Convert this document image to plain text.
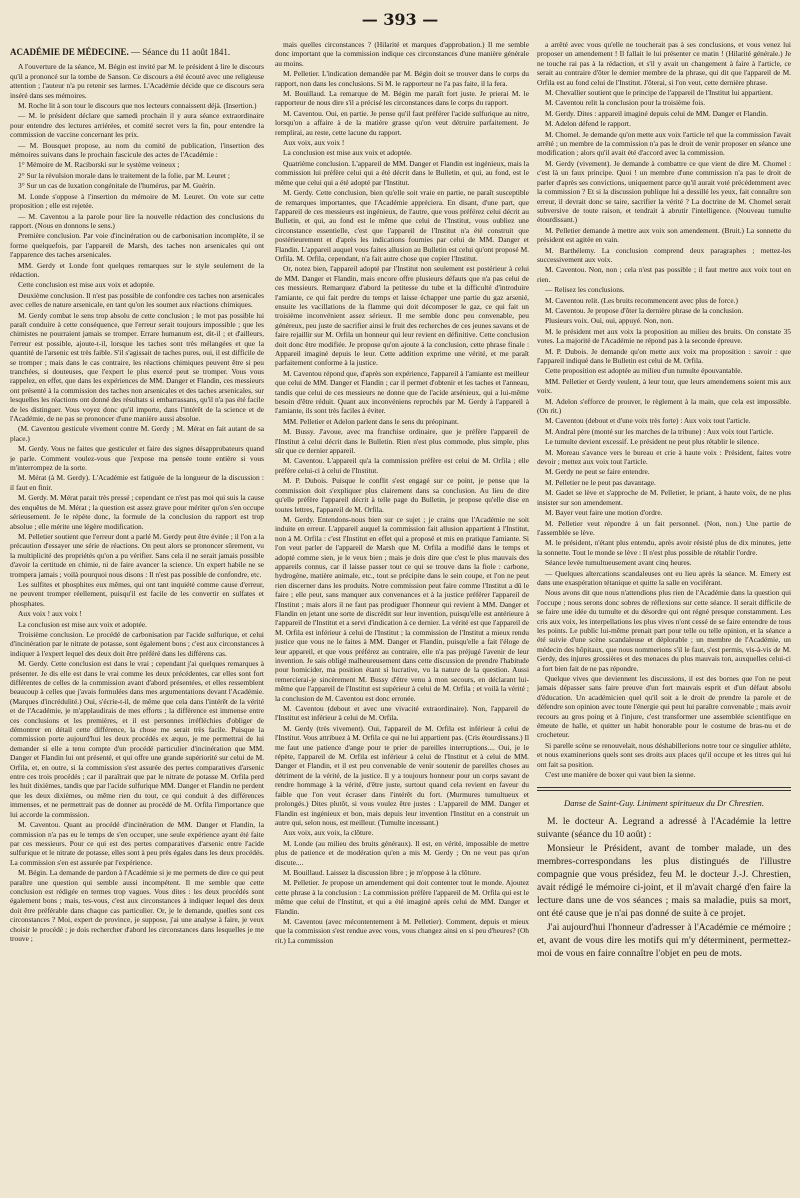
— 393 —
ACADÉMIE DE MÉDECINE. — Séance du 11 août 1841.

A l'ouverture de la séance, M. Bégin est invité par M. le président à lire le discours qu'il a prononcé sur la tombe de Sanson. Ce discours a été écouté avec une religieuse attention ; l'auteur n'a pu retenir ses larmes. L'Académie décide que ce discours sera inséré dans ses mémoires.

M. Roche lit à son tour le discours que nos lecteurs connaissent déjà. (Insertion.)

— M. le président déclare que samedi prochain il y aura séance extraordinaire pour entendre des lectures arriérées, et comité secret vers la fin, pour entendre la commission de vaccine concernant les prix.

— M. Bousquet propose, au nom du comité de publication, l'insertion des mémoires suivans dans le prochain fascicule des actes de l'Académie :

1° Mémoire de M. Raciborski sur le système veineux ;

2° Sur la révulsion morale dans le traitement de la folie, par M. Leuret ;

3° Sur un cas de luxation congénitale de l'humérus, par M. Guérin.

M. Londe s'oppose à l'insertion du mémoire de M. Leuret. On vote sur cette proposition ; elle est rejetée.

— M. Caventou a la parole pour lire la nouvelle rédaction des conclusions du rapport. (Nous en donnons le sens.)

Première conclusion. Par voie d'incinération ou de carbonisation incomplète, il se forme quelquefois, par l'appareil de Marsh, des taches non arsenicales qui ont l'apparence des taches arsenicales.

MM. Gerdy et Londe font quelques remarques sur le style seulement de la rédaction.

Cette conclusion est mise aux voix et adoptée.

Deuxième conclusion. Il n'est pas possible de confondre ces taches non arsenicales avec celles de nature arsenicale, en tant qu'on les soumet aux réactions chimiques.

M. Gerdy combat le sens trop absolu de cette conclusion ; le mot pas possible lui paraît conduire à cette conséquence, que l'erreur serait toujours impossible ; que les chimistes ne pourraient jamais se tromper. Errare humanum est, dit-il ; et d'ailleurs, l'erreur est possible, ajoute-t-il, lorsque les taches sont très mélangées et que la quantité de l'arsenic est très faible. S'il s'agissait de taches pures, oui, il est difficile de se tromper ; mais dans le cas contraire, les réactions chimiques peuvent être si peu tranchées, si douteuses, que l'expert le plus exercé peut se tromper. Vous vous rappelez, en effet, que dans les expériences de MM. Danger et Flandin, ces messieurs ont présenté à la commission des taches non arsenicales et des taches arsenicales, sur lesquelles les réactions ont donné des résultats si embarrassans, qu'il n'a pas été facile de les distinguer. Vous voyez donc qu'il importe, dans l'intérêt de la science et de l'Académie, de ne pas se prononcer d'une manière aussi absolue.

(M. Caventou gesticule vivement contre M. Gerdy ; M. Mérat en fait autant de sa place.)

M. Gerdy. Vous ne faites que gesticuler et faire des signes désapprobateurs quand je parle. Comment voulez-vous que j'expose ma pensée toute entière si vous m'interrompez de la sorte.

M. Mérat (à M. Gerdy). L'Académie est fatiguée de la longueur de la discussion : il faut en finir.

M. Gerdy. M. Mérat parait très pressé ; cependant ce n'est pas moi qui suis la cause des enquêtes de M. Mérat ; la question est assez grave pour mériter qu'on s'en occupe sérieusement. Je le répète donc, la formule de la conclusion du rapport est trop absolue ; elle mérite une légère modification.

M. Pelletier soutient que l'erreur dont a parlé M. Gerdy peut être évitée ; il l'on a la précaution d'essayer une série de réactions. On peut alors se prononcer sûrement, vu la multiplicité des propriétés qu'on a pu vérifier. Sans cela il ne serait jamais possible d'avoir la certitude en chimie, ni de faire avancer la science. Un expert habile ne se trompera jamais ; voilà pourquoi nous disons : Il n'est pas possible de confondre, etc.

Les sulfites et phosphites eux mêmes, qui ont tant inquiété comme cause d'erreur, ne peuvent tromper réellement, puisqu'il est facile de les convertir en sulfates et phosphates.

Aux voix ! aux voix !

La conclusion est mise aux voix et adoptée.

Troisième conclusion. Le procédé de carbonisation par l'acide sulfurique, et celui d'incinération par le nitrate de potasse, sont également bons ; c'est aux circonstances à indiquer à l'expert lequel des deux doit être préféré dans les différens cas.

M. Gerdy. Cette conclusion est dans le vrai ; cependant j'ai quelques remarques à présenter. Je dis elle est dans le vrai comme les deux précédentes, car elles sont fort différentes de celles de la commission avant d'abord présentées, et elles ressemblent beaucoup à celles que j'avais formulées dans mes argumentations devant l'Académie. (Marques d'incrédulité.) Oui, s'écrie-t-il, de même que cela dans l'intérêt de la vérité et de l'Académie, je m'applaudirais de mes efforts ; la différence est immense entre ces conclusions et les premières, et il est personnes irréfléchies d'obliger de démontrer en détail cette différence, la chose me serait très facile. Puisque la commission porte aujourd'hui les deux procédés ex æquo, je me permettrai de lui demander si elle a tenu compte d'un procédé particulier d'incinération que MM. Danger et Flandin lui ont présenté, et qui offre une grande supériorité sur celui de M. Orfila, et, en outre, si la commission s'est assurée des pertes comparatives d'arsenic entre ces trois procédés ; car il paraîtrait que par le nitrate de potasse M. Orfila perd les huit dixièmes, tandis que par l'acide sulfurique MM. Danger et Flandin ne perdent que les deux dixièmes, ou même rien du tout, ce qui conduit à des différences immenses, et ne permettrait pas de donner au procédé de M. Orfila l'importance que lui accorde la commission.

M. Caventou. Quant au procédé d'incinération de MM. Danger et Flandin, la commission n'a pas eu le temps de s'en occuper, une seule expérience ayant été faite par ces messieurs. Pour ce qui est des pertes comparatives d'arsenic entre l'acide sulfurique et le nitrate de potasse, elles sont à peu près égales dans les deux procédés. La commission s'en est assurée par l'expérience.

M. Bégin. La demande de pardon à l'Académie si je me permets de dire ce qui peut paraître une question qui semble aussi incompétent. Il me semble que cette conclusion est rédigée en termes trop vagues. Vous dites : les deux procédés sont également bons ; mais, tes-vous, c'est aux circonstances à indiquer lequel des deux doit être préférable dans chaque cas particulier. Or, je le demande, quelles sont ces circonstances ? Moi, expert de province, je suppose, j'ai une analyse à faire, je veux choisir le procédé ; je dois rechercher d'abord les circonstances dans lesquelles je me trouve ;

mais quelles circonstances ? (Hilarité et marques d'approbation.) Il me semble donc important que la commission indique ces circonstances d'une manière générale au moins.

M. Pelletier. L'indication demandée par M. Bégin doit se trouver dans le corps du rapport, non dans les conclusions. Si M. le rapporteur ne l'a pas faite, il la fera.

M. Bouillaud. La remarque de M. Bégin me paraît fort juste. Je prierai M. le rapporteur de nous dire s'il a précisé les circonstances dans le corps du rapport.

M. Caventou. Oui, en partie. Je pense qu'il faut préférer l'acide sulfurique au nitre, lorsqu'on a affaire à de la matière grasse qu'on veut détruire parfaitement. Je remplirai, au reste, cette lacune du rapport.

Aux voix, aux voix !

La conclusion est mise aux voix et adoptée.

Quatrième conclusion. L'appareil de MM. Danger et Flandin est ingénieux, mais la commission lui préfère celui qui a été décrit dans le Bulletin, et qui, au fond, est le même que celui qui a été adopté par l'Institut.

M. Gerdy. Cette conclusion, bien qu'elle soit vraie en partie, ne paraît susceptible de remarques importantes, que l'Académie appréciera. En disant, d'une part, que l'appareil de ces messieurs est ingénieux, de l'autre, que vous préférez celui décrit au Bulletin, et qui, au fond est le même que celui de l'Institut, vous oubliez une circonstance essentielle, c'est que l'appareil de l'Institut n'a été construit que postérieurement et d'après les indications fournies par celui de MM. Danger et Flandin. L'appareil auquel vous faites allusion au Bulletin est celui qu'ont proposé M. Orfila. M. Orfila, cependant, n'a fait autre chose que copier l'Institut.

Or, notez bien, l'appareil adopté par l'Institut non seulement est postérieur à celui de MM. Danger et Flandin, mais encore offre plusieurs défauts que n'a pas celui de ces messieurs. Remarquez d'abord la petitesse du tube et la difficulté d'introduire l'amiante, ce qui fait perdre du temps et laisse échapper une partie du gaz arsenié, ensuite les vacillations de la flamme qui doit décomposer le gaz, ce qui fait un troisième inconvénient assez sérieux. Il me semble donc peu convenable, peu généreux, peu juste de sacrifier ainsi le fruit des recherches de ces jeunes savans et de faire rejaillir sur M. Orfila un honneur qui leur revient en définitive. Cette conclusion doit donc être modifiée. Je propose qu'on ajoute à la conclusion, cette phrase finale : Appareil imaginé depuis le leur. Cette addition exprime une vérité, et me paraît parfaitement conforme à la justice.

M. Caventou répond que, d'après son expérience, l'appareil à l'amiante est meilleur que celui de MM. Danger et Flandin ; car il permet d'obtenir et les taches et l'anneau, tandis que celui de ces messieurs ne donne que de l'acide arsénieux, qui a lui-même besoin d'être réduit. Quant aux inconvéniens reprochés par M. Gerdy à l'appareil à l'amiante, ils sont très faciles à éviter.

MM. Pelletier et Adelon parlent dans le sens du préopinant.

M. Bussy. J'avoue, avec ma franchise ordinaire, que je préfère l'appareil de l'Institut à celui décrit dans le Bulletin. Rien n'est plus commode, plus simple, plus sûr que ce dernier appareil.

M. Caventou. L'appareil qu'a la commission préfère est celui de M. Orfila ; elle préfère celui-ci à celui de l'Institut.

M. P. Dubois. Puisque le conflit s'est engagé sur ce point, je pense que la commission doit s'expliquer plus clairement dans sa conclusion. Au lieu de dire qu'elle préfère l'appareil décrit à telle page du Bulletin, je propose qu'elle dise en toutes lettres, l'appareil de M. Orfila.

M. Gerdy. Entendons-nous bien sur ce sujet ; je crains que l'Académie ne soit induite en erreur. L'appareil auquel la commission fait allusion appartient à l'Institut, non à M. Orfila : c'est l'Institut en effet qui a proposé et mis en pratique l'amiante. Si l'on veut parler de l'appareil de Marsh que M. Orfila a modifié dans le temps et adopté comme sien, je le veux bien ; mais je dois dire que c'est le plus mauvais des appareils connus, car il laisse passer tout ce qui se trouve dans la fiole : carbone, hydrogène, matière animale, etc., tout se précipite dans le sein coupe, et l'on ne peut rien discerner dans les produits. Notre commission peut faire comme l'Institut a dû le faire ; elle peut, sans manquer aux convenances et à la justice préférer l'appareil de l'Institut ; mais alors il ne faut pas prodiguer l'honneur qui revient à MM. Danger et Flandin en jetant une sorte de discrédit sur leur invention, puisqu'elle est antérieure à l'appareil de l'Institut et a servi d'indication à ce dernier. La vérité est que l'appareil de M. Orfila est inférieur à celui de l'Institut ; la commission de l'Institut a mieux rendu justice que vous ne le faites à MM. Danger et Flandin, puisqu'elle a fait l'éloge de leur appareil, et que vous préférez au contraire, elle n'a pas préjugé l'avenir de leur invention. Je sais obligé malheureusement dans cette discussion de prendre l'habitude pour homicider, ma position étant si lucrative, vu la nature de la question. Aussi remercierai-je sincèrement M. Bussy d'être venu à mon secours, en déclarant lui-même que l'appareil de l'Institut est supérieur à celui de M. Orfila ; et voilà la vérité ; la conclusion de M. Caventou est donc erronée.

M. Caventou (debout et avec une vivacité extraordinaire). Non, l'appareil de l'Institut est inférieur à celui de M. Orfila.

M. Gerdy (très vivement). Oui, l'appareil de M. Orfila est inférieur à celui de l'Institut. Vous attribuez à M. Orfila ce qui ne lui appartient pas. (Cris étourdissans.) Il me faut une patience d'ange pour te prier de pareilles interruptions.... Oui, je le répète, l'appareil de M. Orfila est inférieur à celui de l'Institut et à celui de MM. Danger et Flandin, et il est peu convenable de venir soutenir de pareilles choses au détriment de la vérité, de la justice. Il y a toujours honneur pour un corps savant de rendre hommage à la vérité, d'être juste, surtout quand cela revient en faveur du faible que l'on veut écraser dans l'intérêt du fort. (Murmures tumultueux et prolongés.) Dites plutôt, si vous voulez être justes : L'appareil de MM. Danger et Flandin est ingénieux et bon, mais depuis leur invention l'Institut en a construit un autre qui, selon nous, est meilleur. (Tumulte incessant.)

Aux voix, aux voix, la clôture.

M. Londe (au milieu des bruits généraux). Il est, en vérité, impossible de mettre plus de patience et de modération qu'en a mis M. Gerdy ; On ne veut pas qu'on discute....

M. Bouillaud. Laissez la discussion libre ; je m'oppose à la clôture.

M. Pelletier. Je propose un amendement qui doit contenter tout le monde. Ajoutez cette phrase à la conclusion : La commission préfère l'appareil de M. Orfila qui est le même que celui de l'Institut, et qui a été imaginé après celui de MM. Danger et Flandin.

M. Caventou (avec mécontentement à M. Pelletier). Comment, depuis et mieux que la commission s'est rendue avec vous, vous changez ainsi en si peu d'heures? (Oh rit.) La commission

a arrêté avec vous qu'elle ne toucherait pas à ses conclusions, et vous venez lui proposer un amendement ! Il fallait le lui présenter ce matin ! (Hilarité générale.) Je ne touche rai pas à la rédaction, et s'il y avait un changement à faire à l'article, ce serait au contraire d'ôter le dernier membre de la phrase, qui dit que l'appareil de M. Orfila est au fond celui de l'Institut. J'ôterai, si l'on veut, cette dernière phrase.

M. Chevallier soutient que le principe de l'appareil de l'Institut lui appartient.

M. Caventou relit la conclusion pour la troisième fois.

M. Gerdy. Dites : appareil imaginé depuis celui de MM. Danger et Flandin.

M. Adelon défend le rapport.

M. Chomel. Je demande qu'on mette aux voix l'article tel que la commission l'avait arrêté ; un membre de la commission n'a pas le droit de venir proposer en séance une modification ; alors qu'il avait été d'accord avec la commission.

M. Gerdy (vivement). Je demande à combattre ce que vient de dire M. Chomel : c'est là un faux principe. Quoi ! un membre d'une commission n'a pas le droit de parler d'après ses convictions, uniquement parce qu'il aurait voté précédemment avec la commission ? Et si la discussion publique lui a dessillé les yeux, fait connaître son erreur, il devrait donc se taire, sacrifier la vérité ? La doctrine de M. Chomel serait subversive de toute raison, et tendrait à abrutir l'intelligence. (Nouveau tumulte étourdissant.)

M. Pelletier demande à mettre aux voix son amendement. (Bruit.) La sonnette du président est agitée en vain.

M. Barthélemy. La conclusion comprend deux paragraphes ; mettez-les successivement aux voix.

M. Caventou. Non, non ; cela n'est pas possible ; il faut mettre aux voix tout en rien.

— Relisez les conclusions.

M. Caventou relit. (Les bruits recommencent avec plus de force.)

M. Caventou. Je propose d'ôter la dernière phrase de la conclusion.

Plusieurs voix. Oui, oui, appuyé. Non, non.

M. le président met aux voix la proposition au milieu des bruits. On constate 35 votes. La majorité de l'Académie ne répond pas à la seconde épreuve.

M. P. Dubois. Je demande qu'on mette aux voix ma proposition : savoir : que l'appareil indiqué dans le Bulletin est celui de M. Orfila.

Cette proposition est adoptée au milieu d'un tumulte épouvantable.

MM. Pelletier et Gerdy veulent, à leur tour, que leurs amendemens soient mis aux voix.

M. Adelon s'efforce de prouver, le règlement à la main, que cela est impossible. (On rit.)

M. Caventou (debout et d'une voix très forte) : Aux voix tout l'article.

M. Andral père (monté sur les marches de la tribune) : Aux voix tout l'article.

Le tumulte devient excessif. Le président ne peut plus rétablir le silence.

M. Moreau s'avance vers le bureau et crie à haute voix : Président, faites votre devoir ; mettez aux voix tout l'article.

M. Gerdy ne peut se faire entendre.

M. Pelletier ne le peut pas davantage.

M. Gadet se lève et s'approche de M. Pelletier, le priant, à haute voix, de ne plus insister sur son amendement.

M. Bayer veut faire une motion d'ordre.

M. Pelletier veut répondre à un fait personnel. (Non, non.) Une partie de l'assemblée se lève.

M. le président, n'étant plus entendu, après avoir résisté plus de dix minutes, jette la sonnette. Tout le monde se lève : Il n'est plus possible de rétablir l'ordre.

Séance levée tumultueusement avant cinq heures.

— Quelques altercations scandaleuses ont eu lieu après la séance. M. Emery est dans une exaspération tétanique et quitte la salle en vociférant.

Nous avons dit que nous n'attendions plus rien de l'Académie dans la question qui l'occupe ; nous serons donc sobres de réflexions sur cette séance. Il serait difficile de se faire une idée du tumulte et du désordre qui ont régné presque constamment. Les cris aux voix, les interpellations les plus vives n'ont cessé de se faire entendre de tous les points. Le public lui-même prenait part pour telle ou telle opinion, et la séance a été suivie d'une scène scandaleuse et déplorable ; un membre de l'Académie, un médecin des hôpitaux, que nous nommerions s'il le faut, s'est permis, vis-à-vis de M. Gerdy, des injures grossières et des menaces du plus mauvais ton, auxquelles celui-ci a fort bien fait de ne pas répondre.

Quelque vives que deviennent les discussions, il est des bornes que l'on ne peut jamais dépasser sans faire preuve d'un fort mauvais esprit et d'un défaut absolu d'éducation. Un académicien quel qu'il soit a le droit de prendre la parole et de défendre son opinion avec toute l'énergie qui peut lui paraître convenable ; mais avoir recours au gros poing et à l'injure, c'est transformer une assemblée scientifique en émeute de halle, et quitter un habit honorable pour le costume de bras-nu et de crocheteur.

Si parelle scène se renouvelait, nous déshabillerions notre tour ce singulier athlète, et nous examinerions quels sont ses droits aux places qu'il occupe et les titres qui lui ont fait sa position.

C'est une manière de boxer qui vaut bien la sienne.

Danse de Saint-Guy. Liniment spiritueux du Dr Chrestien.

M. le docteur A. Legrand a adressé à l'Académie la lettre suivante (séance du 10 août) :

Monsieur le Président, avant de tomber malade, un des membres-correspondans les plus distingués de l'illustre compagnie que vous présidez, feu M. le docteur J.-J. Chrestien, avait rédigé le mémoire ci-joint, et il m'avait chargé d'en faire la lecture dans une de vos séances ; mais sa maladie, puis sa mort, ont été cause que je n'ai pas donné de suite à ce projet.

J'ai aujourd'hui l'honneur d'adresser à l'Académie ce mémoire ; et, avant de vous dire les motifs qui m'y déterminent, permettez-moi de vous en faire connaître l'objet en peu de mots.
